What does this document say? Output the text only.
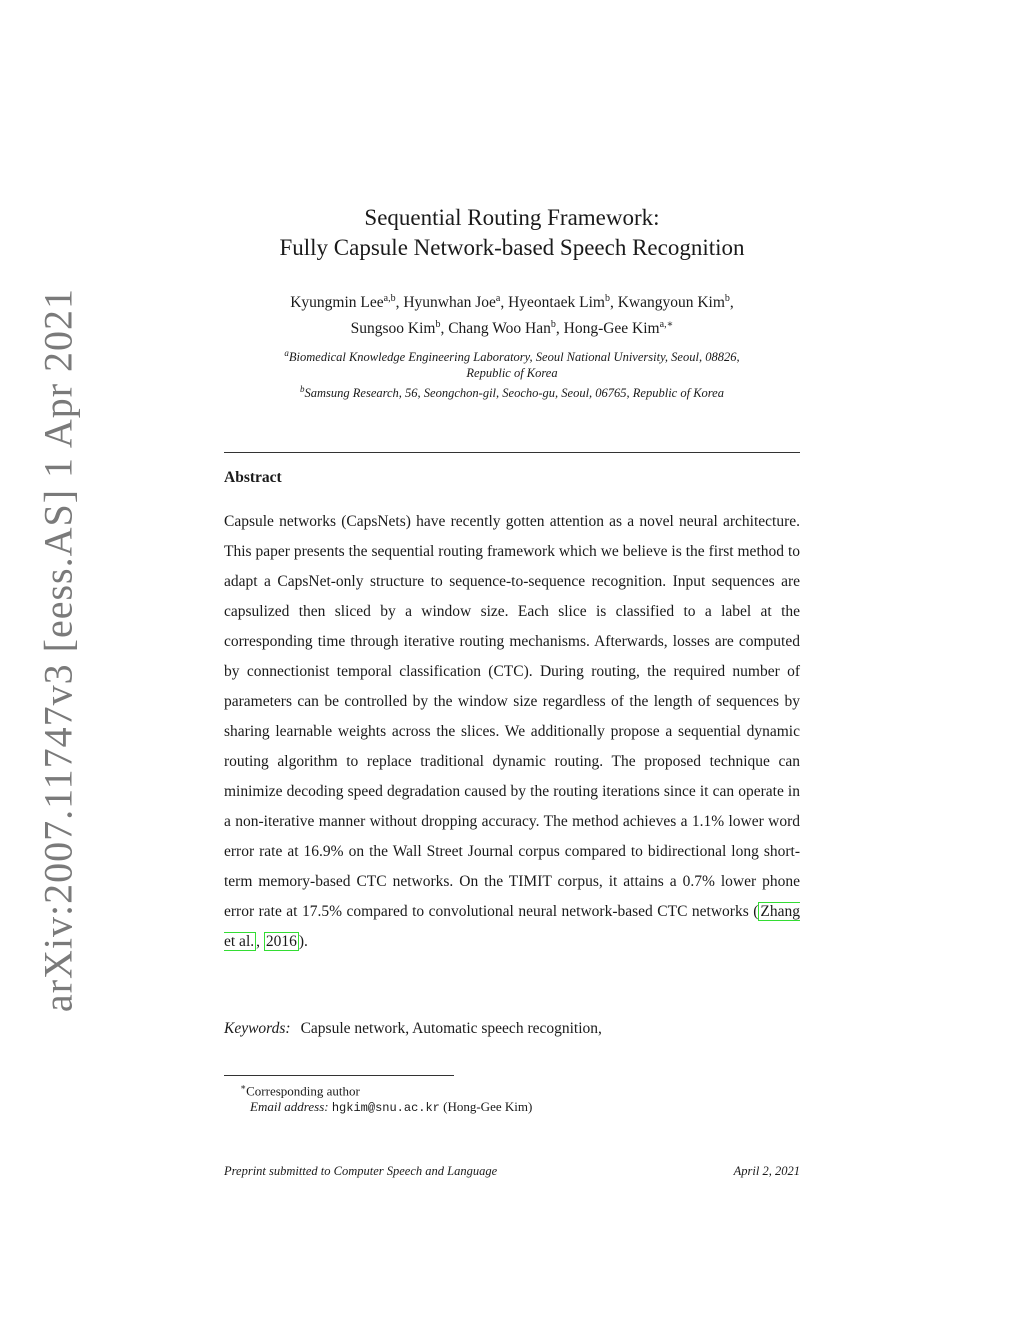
arXiv:2007.11747v3 [eess.AS] 1 Apr 2021
Sequential Routing Framework:
Fully Capsule Network-based Speech Recognition
Kyungmin Lee$^{a,b}$, Hyunwhan Joe$^a$, Hyeontaek Lim$^b$, Kwangyoun Kim$^b$,
Sungsoo Kim$^b$, Chang Woo Han$^b$, Hong-Gee Kim$^{a,∗}$
$^a$Biomedical Knowledge Engineering Laboratory, Seoul National University, Seoul, 08826,
Republic of Korea
$^b$Samsung Research, 56, Seongchon-gil, Seocho-gu, Seoul, 06765, Republic of Korea
Abstract
Capsule networks (CapsNets) have recently gotten attention as a novel neural architecture. This paper presents the sequential routing framework which we believe is the first method to adapt a CapsNet-only structure to sequence-to-sequence recognition. Input sequences are capsulized then sliced by a window size. Each slice is classified to a label at the corresponding time through iterative routing mechanisms. Afterwards, losses are computed by connectionist temporal classification (CTC). During routing, the required number of parameters can be controlled by the window size regardless of the length of sequences by sharing learnable weights across the slices. We additionally propose a sequential dynamic routing algorithm to replace traditional dynamic routing. The proposed technique can minimize decoding speed degradation caused by the routing iterations since it can operate in a non-iterative manner without dropping accuracy. The method achieves a 1.1% lower word error rate at 16.9% on the Wall Street Journal corpus compared to bidirectional long short-term memory-based CTC networks. On the TIMIT corpus, it attains a 0.7% lower phone error rate at 17.5% compared to convolutional neural network-based CTC networks ( Zhang et al. , 2016 ).
Keywords: Capsule network, Automatic speech recognition,
∗Corresponding author
Email address: hgkim@snu.ac.kr (Hong-Gee Kim)
Preprint submitted to Computer Speech and Language	April 2, 2021
